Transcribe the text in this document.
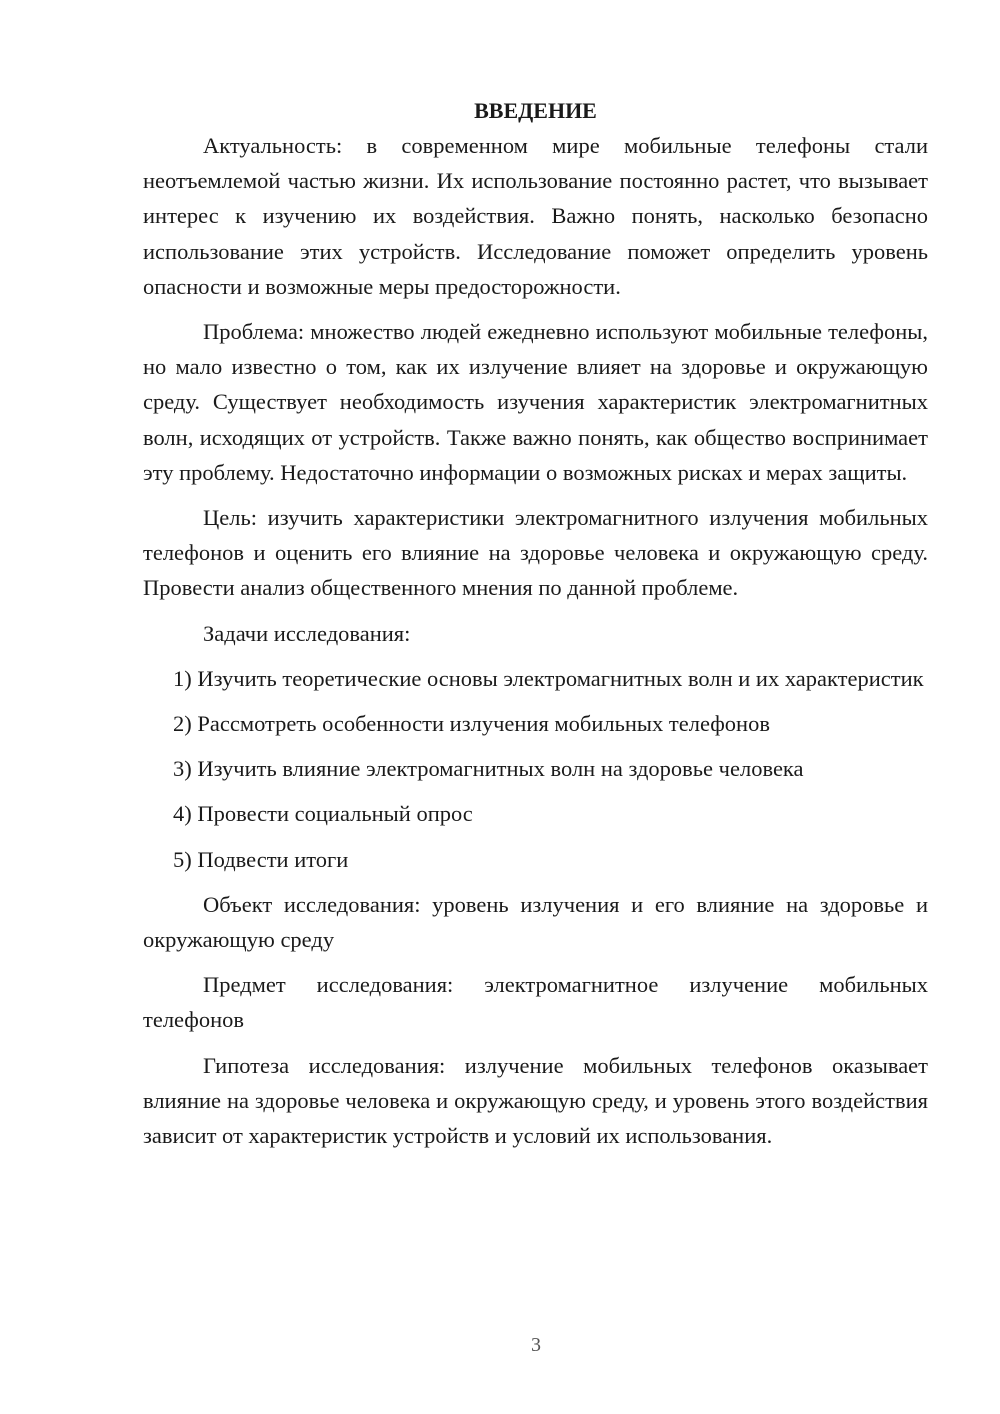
ВВЕДЕНИЕ

Актуальность: в современном мире мобильные телефоны стали неотъемлемой частью жизни. Их использование постоянно растет, что вызывает интерес к изучению их воздействия. Важно понять, насколько безопасно использование этих устройств. Исследование поможет определить уровень опасности и возможные меры предосторожности.

Проблема: множество людей ежедневно используют мобильные телефоны, но мало известно о том, как их излучение влияет на здоровье и окружающую среду. Существует необходимость изучения характеристик электромагнитных волн, исходящих от устройств. Также важно понять, как общество воспринимает эту проблему. Недостаточно информации о возможных рисках и мерах защиты.

Цель: изучить характеристики электромагнитного излучения мобильных телефонов и оценить его влияние на здоровье человека и окружающую среду. Провести анализ общественного мнения по данной проблеме.

Задачи исследования:

1) Изучить теоретические основы электромагнитных волн и их характеристик

2) Рассмотреть особенности излучения мобильных телефонов

3) Изучить влияние электромагнитных волн на здоровье человека

4) Провести социальный опрос

5) Подвести итоги

Объект исследования: уровень излучения и его влияние на здоровье и окружающую среду

Предмет исследования: электромагнитное излучение мобильных телефонов

Гипотеза исследования: излучение мобильных телефонов оказывает влияние на здоровье человека и окружающую среду, и уровень этого воздействия зависит от характеристик устройств и условий их использования.

3
